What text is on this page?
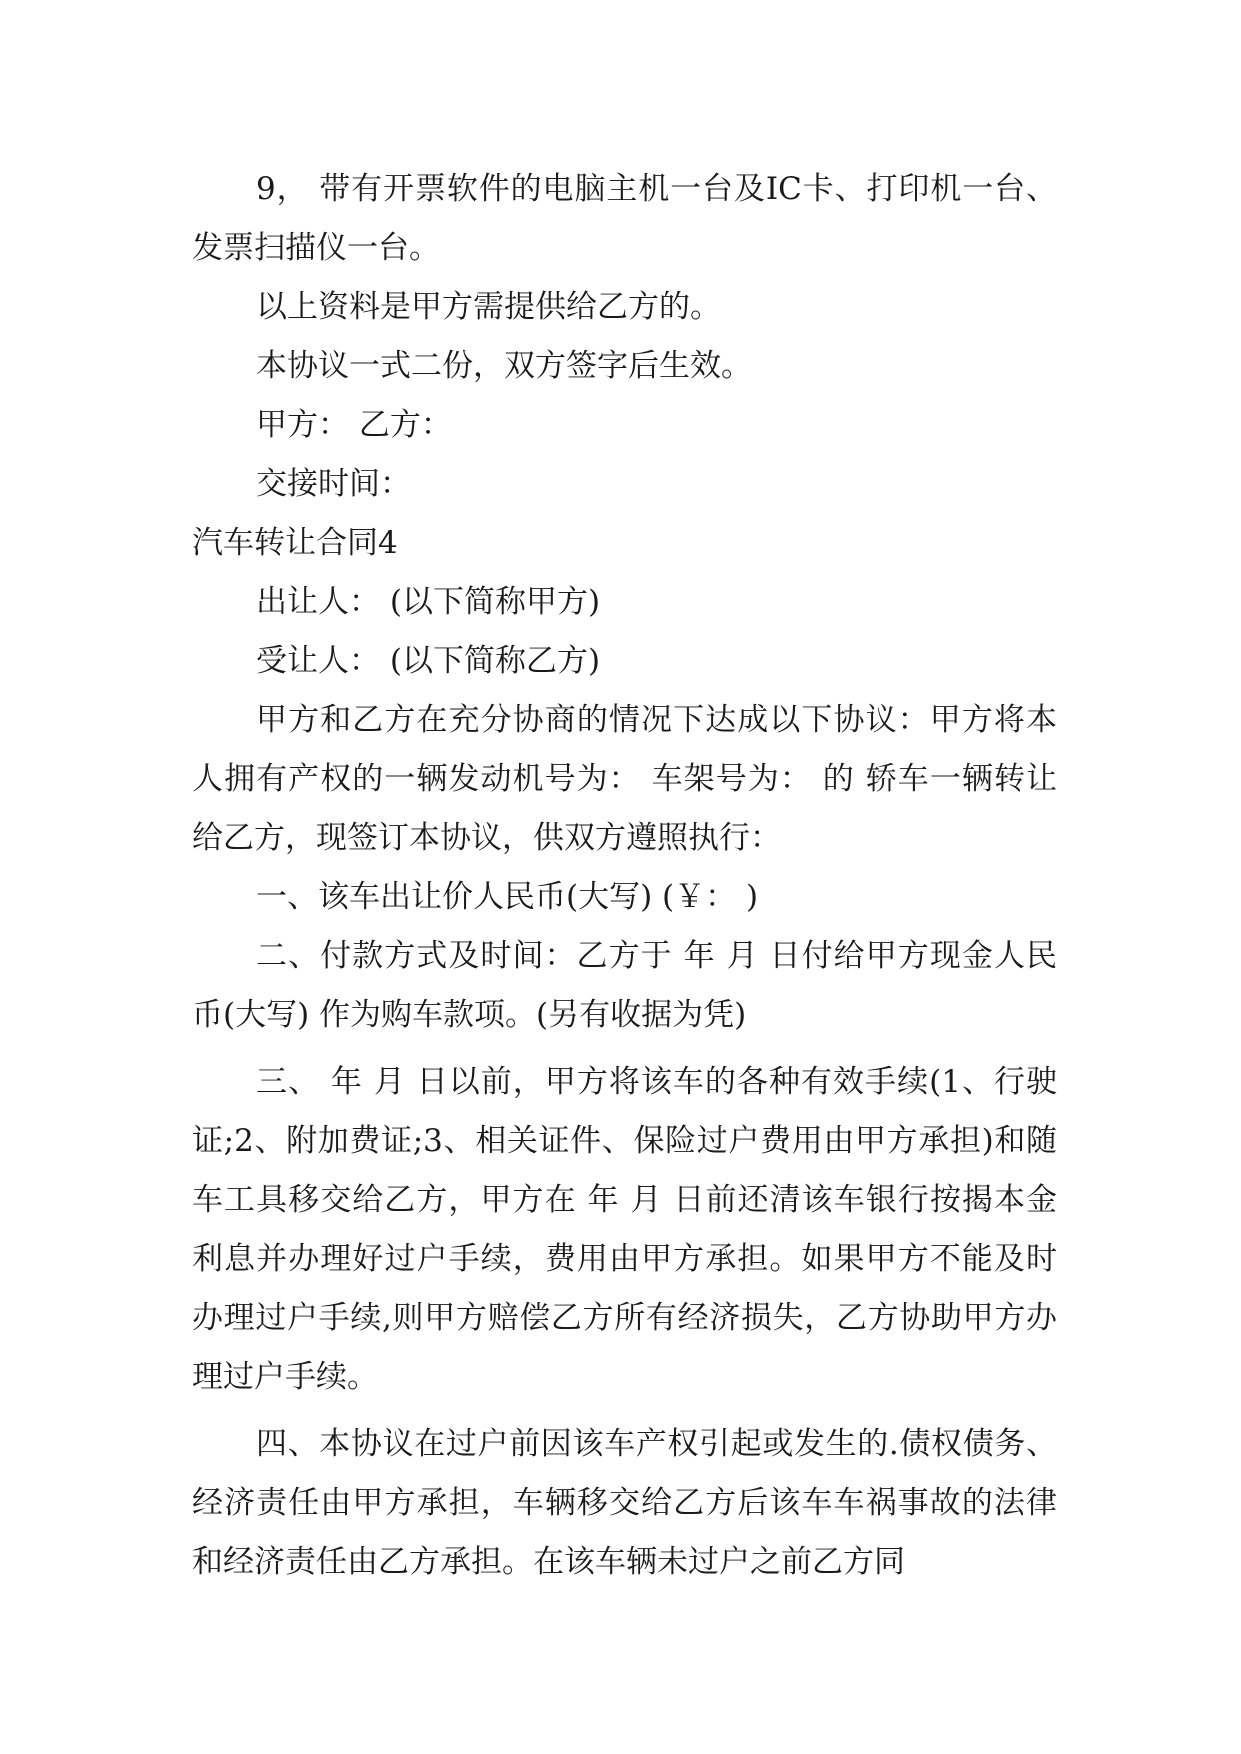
9， 带有开票软件的电脑主机一台及IC卡、打印机一台、发票扫描仪一台。

以上资料是甲方需提供给乙方的。

本协议一式二份，双方签字后生效。

甲方： 乙方：

交接时间：

汽车转让合同4

出让人： (以下简称甲方)

受让人： (以下简称乙方)

甲方和乙方在充分协商的情况下达成以下协议：甲方将本人拥有产权的一辆发动机号为： 车架号为： 的 轿车一辆转让给乙方，现签订本协议，供双方遵照执行：

一、该车出让价人民币(大写) (￥： )

二、付款方式及时间：乙方于 年 月 日付给甲方现金人民币(大写) 作为购车款项。(另有收据为凭)

三、 年 月 日以前，甲方将该车的各种有效手续(1、行驶证;2、附加费证;3、相关证件、保险过户费用由甲方承担)和随车工具移交给乙方，甲方在 年 月 日前还清该车银行按揭本金利息并办理好过户手续，费用由甲方承担。如果甲方不能及时办理过户手续,则甲方赔偿乙方所有经济损失，乙方协助甲方办理过户手续。

四、本协议在过户前因该车产权引起或发生的.债权债务、经济责任由甲方承担，车辆移交给乙方后该车车祸事故的法律和经济责任由乙方承担。在该车辆未过户之前乙方同
